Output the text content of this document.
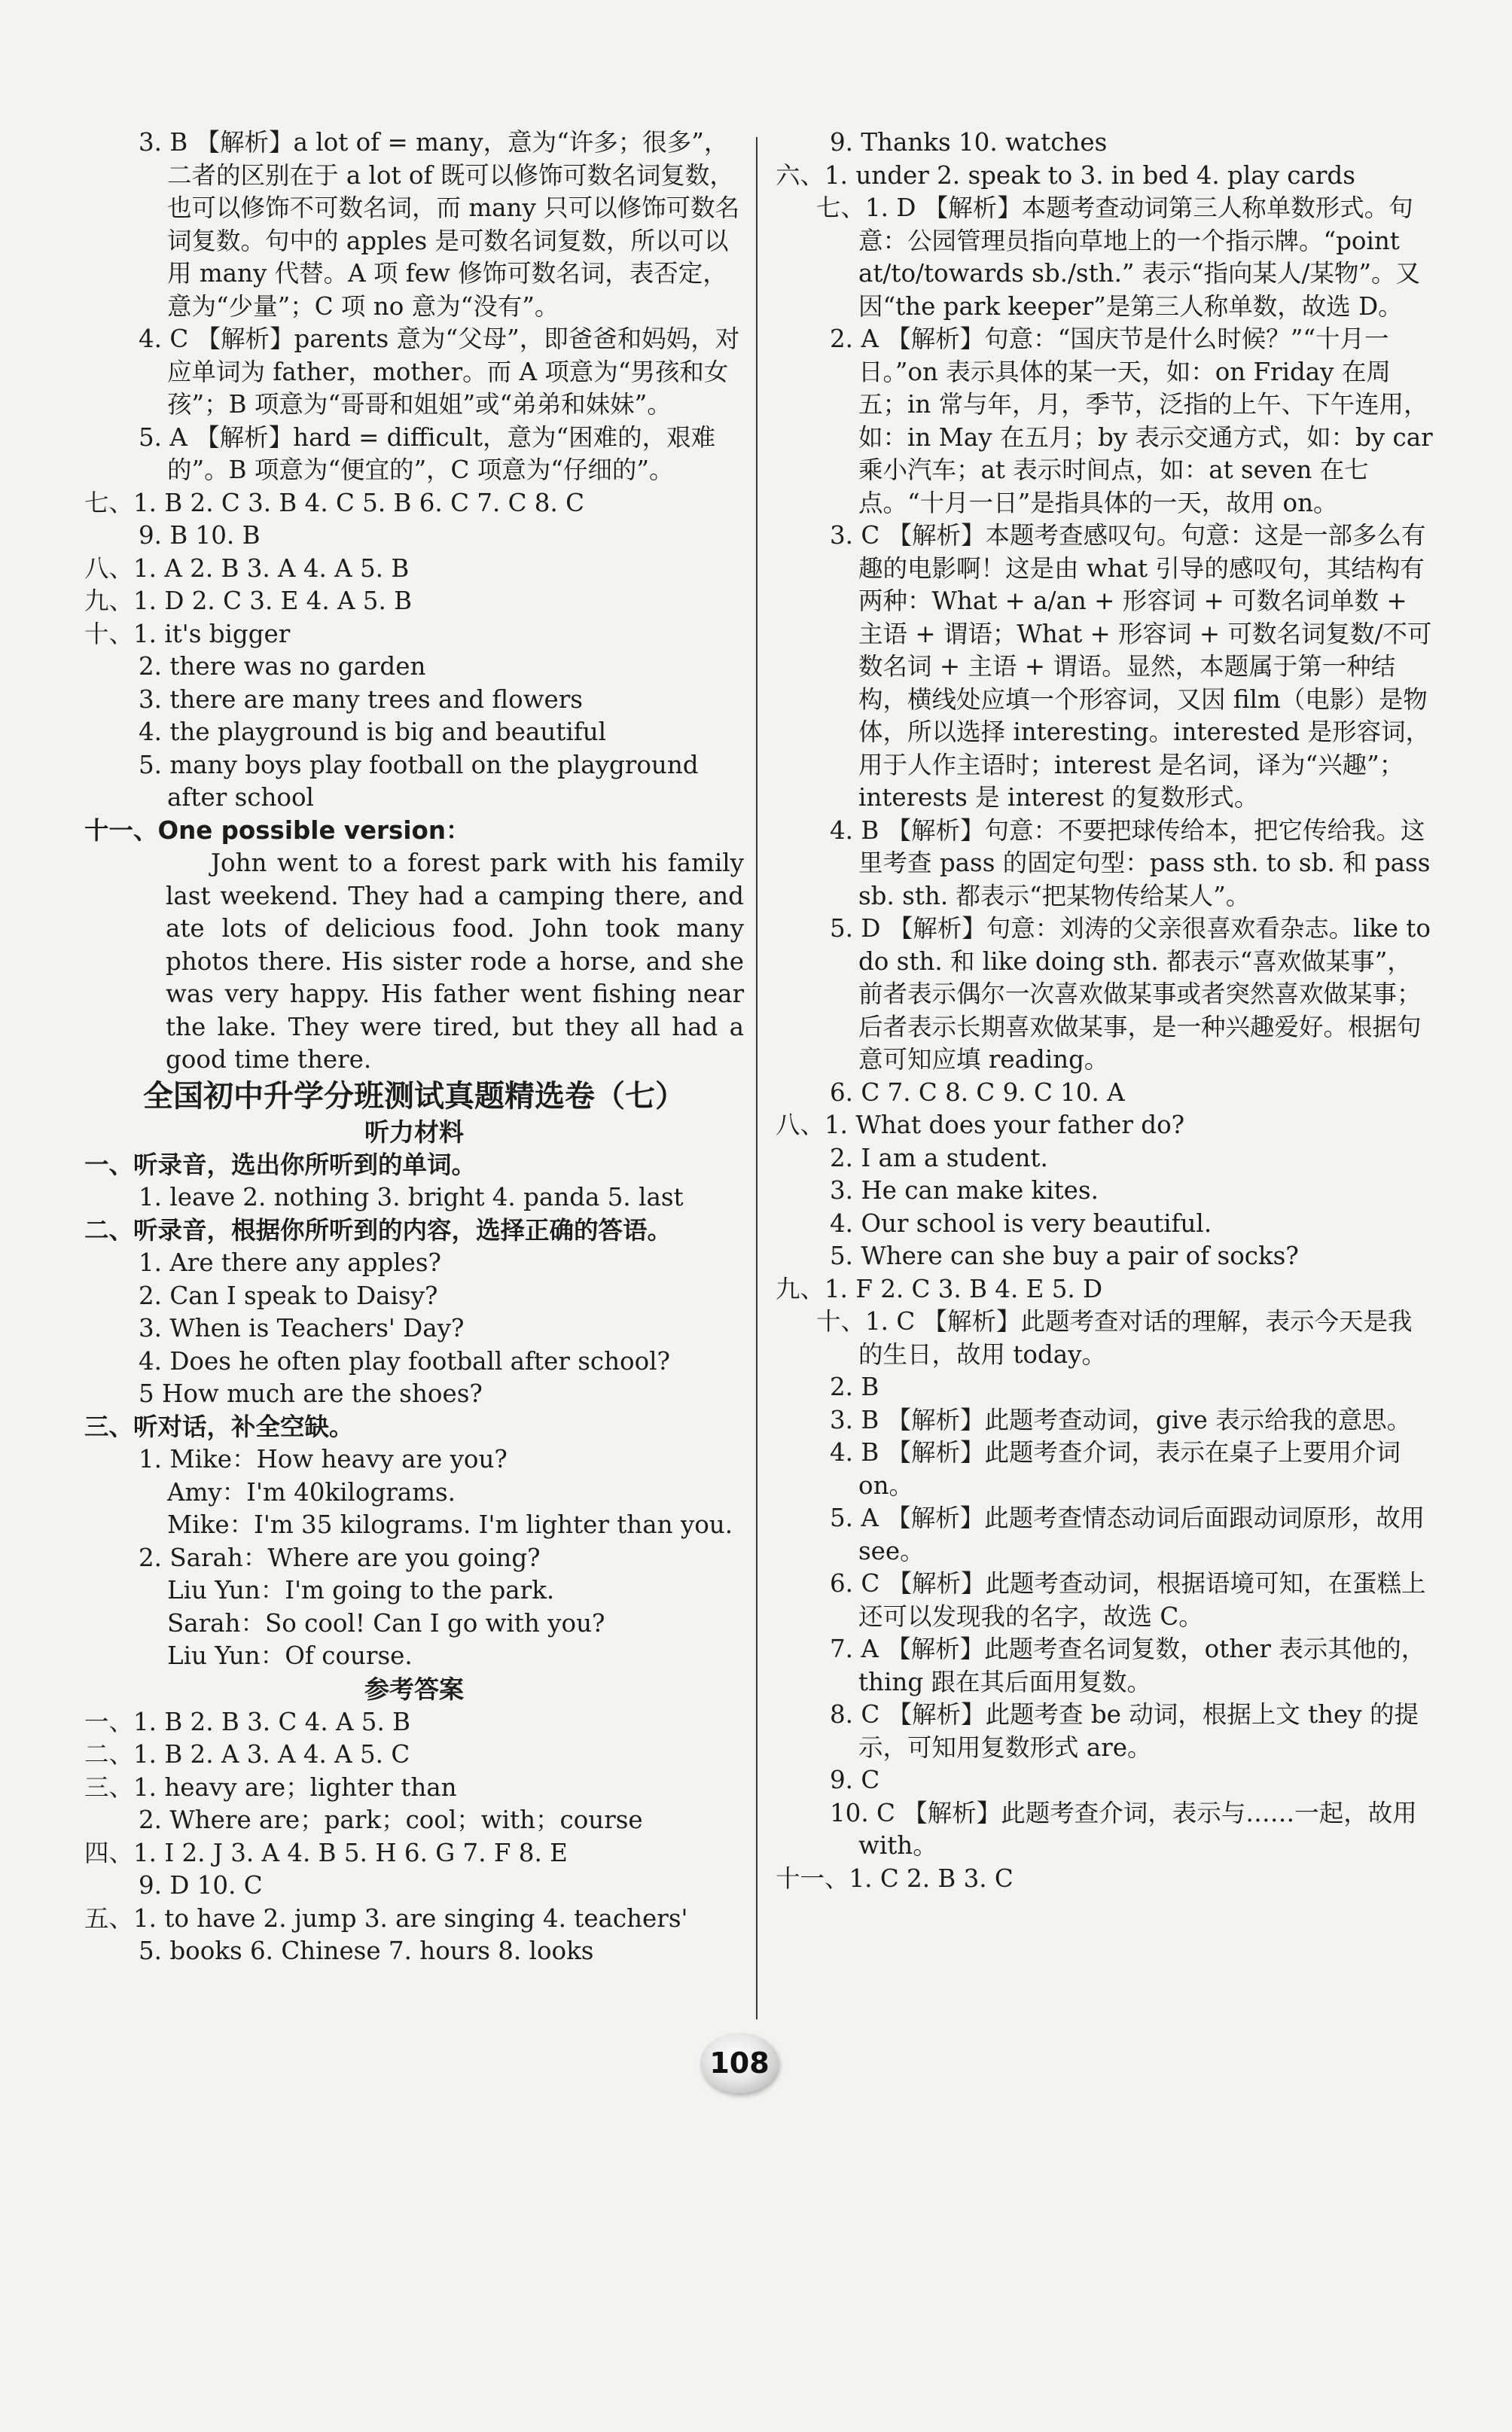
3. B 【解析】a lot of = many，意为“许多；很多”，二者的区别在于 a lot of 既可以修饰可数名词复数，也可以修饰不可数名词，而 many 只可以修饰可数名词复数。句中的 apples 是可数名词复数，所以可以用 many 代替。A 项 few 修饰可数名词，表否定，意为“少量”；C 项 no 意为“没有”。
4. C 【解析】parents 意为“父母”，即爸爸和妈妈，对应单词为 father，mother。而 A 项意为“男孩和女孩”；B 项意为“哥哥和姐姐”或“弟弟和妹妹”。
5. A 【解析】hard = difficult，意为“困难的，艰难的”。B 项意为“便宜的”，C 项意为“仔细的”。
七、1. B 2. C 3. B 4. C 5. B 6. C 7. C 8. C
9. B 10. B
八、1. A 2. B 3. A 4. A 5. B
九、1. D 2. C 3. E 4. A 5. B
十、1. it's bigger
2. there was no garden
3. there are many trees and flowers
4. the playground is big and beautiful
5. many boys play football on the playground after school
十一、One possible version：
John went to a forest park with his family last weekend. They had a camping there, and ate lots of delicious food. John took many photos there. His sister rode a horse, and she was very happy. His father went fishing near the lake. They were tired, but they all had a good time there.
全国初中升学分班测试真题精选卷（七）
听力材料
一、听录音，选出你所听到的单词。
1. leave 2. nothing 3. bright 4. panda 5. last
二、听录音，根据你所听到的内容，选择正确的答语。
1. Are there any apples?
2. Can I speak to Daisy?
3. When is Teachers' Day?
4. Does he often play football after school?
5 How much are the shoes?
三、听对话，补全空缺。
1. Mike：How heavy are you?
Amy：I'm 40kilograms.
Mike：I'm 35 kilograms. I'm lighter than you.
2. Sarah：Where are you going?
Liu Yun：I'm going to the park.
Sarah：So cool! Can I go with you?
Liu Yun：Of course.
参考答案
一、1. B 2. B 3. C 4. A 5. B
二、1. B 2. A 3. A 4. A 5. C
三、1. heavy are；lighter than
2. Where are；park；cool；with；course
四、1. I 2. J 3. A 4. B 5. H 6. G 7. F 8. E
9. D 10. C
五、1. to have 2. jump 3. are singing 4. teachers'
5. books 6. Chinese 7. hours 8. looks
9. Thanks 10. watches
六、1. under 2. speak to 3. in bed 4. play cards
七、1. D 【解析】本题考查动词第三人称单数形式。句意：公园管理员指向草地上的一个指示牌。“point at/to/towards sb./sth.” 表示“指向某人/某物”。又因“the park keeper”是第三人称单数，故选 D。
2. A 【解析】句意：“国庆节是什么时候？”“十月一日。”on 表示具体的某一天，如：on Friday 在周五；in 常与年，月，季节，泛指的上午、下午连用，如：in May 在五月；by 表示交通方式，如：by car 乘小汽车；at 表示时间点，如：at seven 在七点。“十月一日”是指具体的一天，故用 on。
3. C 【解析】本题考查感叹句。句意：这是一部多么有趣的电影啊！这是由 what 引导的感叹句，其结构有两种：What + a/an + 形容词 + 可数名词单数 + 主语 + 谓语；What + 形容词 + 可数名词复数/不可数名词 + 主语 + 谓语。显然，本题属于第一种结构，横线处应填一个形容词，又因 film（电影）是物体，所以选择 interesting。interested 是形容词，用于人作主语时；interest 是名词，译为“兴趣”；interests 是 interest 的复数形式。
4. B 【解析】句意：不要把球传给本，把它传给我。这里考查 pass 的固定句型：pass sth. to sb. 和 pass sb. sth. 都表示“把某物传给某人”。
5. D 【解析】句意：刘涛的父亲很喜欢看杂志。like to do sth. 和 like doing sth. 都表示“喜欢做某事”，前者表示偶尔一次喜欢做某事或者突然喜欢做某事；后者表示长期喜欢做某事，是一种兴趣爱好。根据句意可知应填 reading。
6. C 7. C 8. C 9. C 10. A
八、1. What does your father do?
2. I am a student.
3. He can make kites.
4. Our school is very beautiful.
5. Where can she buy a pair of socks?
九、1. F 2. C 3. B 4. E 5. D
十、1. C 【解析】此题考查对话的理解，表示今天是我的生日，故用 today。
2. B
3. B 【解析】此题考查动词，give 表示给我的意思。
4. B 【解析】此题考查介词，表示在桌子上要用介词 on。
5. A 【解析】此题考查情态动词后面跟动词原形，故用 see。
6. C 【解析】此题考查动词，根据语境可知，在蛋糕上还可以发现我的名字，故选 C。
7. A 【解析】此题考查名词复数，other 表示其他的，thing 跟在其后面用复数。
8. C 【解析】此题考查 be 动词，根据上文 they 的提示，可知用复数形式 are。
9. C
10. C 【解析】此题考查介词，表示与……一起，故用 with。
十一、1. C 2. B 3. C
108
